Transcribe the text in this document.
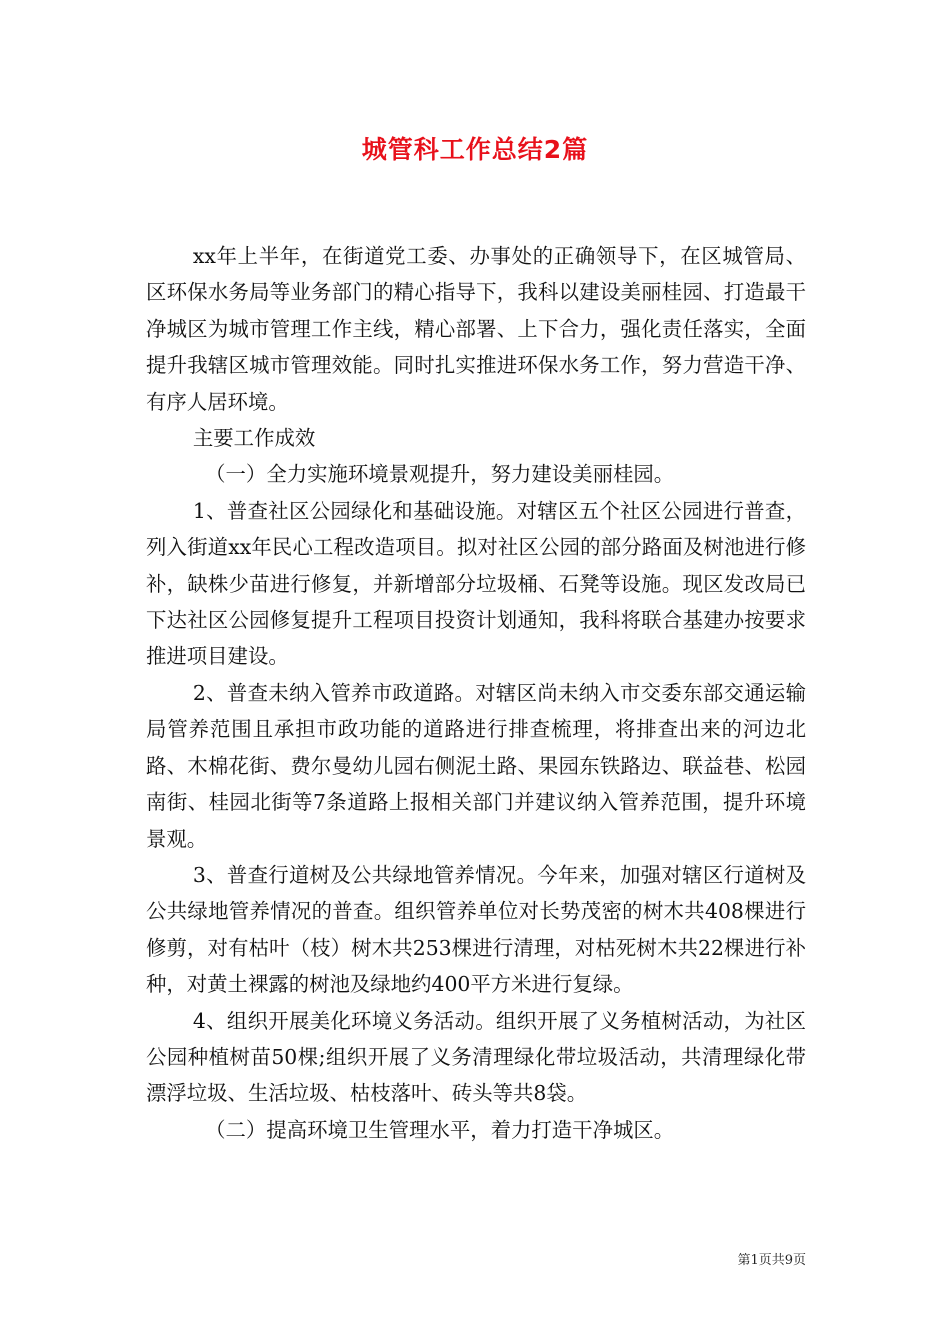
城管科工作总结2篇

xx年上半年，在街道党工委、办事处的正确领导下，在区城管局、区环保水务局等业务部门的精心指导下，我科以建设美丽桂园、打造最干净城区为城市管理工作主线，精心部署、上下合力，强化责任落实，全面提升我辖区城市管理效能。同时扎实推进环保水务工作，努力营造干净、有序人居环境。

主要工作成效

（一）全力实施环境景观提升，努力建设美丽桂园。

1、普查社区公园绿化和基础设施。对辖区五个社区公园进行普查，列入街道xx年民心工程改造项目。拟对社区公园的部分路面及树池进行修补，缺株少苗进行修复，并新增部分垃圾桶、石凳等设施。现区发改局已下达社区公园修复提升工程项目投资计划通知，我科将联合基建办按要求推进项目建设。

2、普查未纳入管养市政道路。对辖区尚未纳入市交委东部交通运输局管养范围且承担市政功能的道路进行排查梳理，将排查出来的河边北路、木棉花街、费尔曼幼儿园右侧泥土路、果园东铁路边、联益巷、松园南街、桂园北街等7条道路上报相关部门并建议纳入管养范围，提升环境景观。

3、普查行道树及公共绿地管养情况。今年来，加强对辖区行道树及公共绿地管养情况的普查。组织管养单位对长势茂密的树木共408棵进行修剪，对有枯叶（枝）树木共253棵进行清理，对枯死树木共22棵进行补种，对黄土裸露的树池及绿地约400平方米进行复绿。

4、组织开展美化环境义务活动。组织开展了义务植树活动，为社区公园种植树苗50棵;组织开展了义务清理绿化带垃圾活动，共清理绿化带漂浮垃圾、生活垃圾、枯枝落叶、砖头等共8袋。

（二）提高环境卫生管理水平，着力打造干净城区。

第1页共9页
